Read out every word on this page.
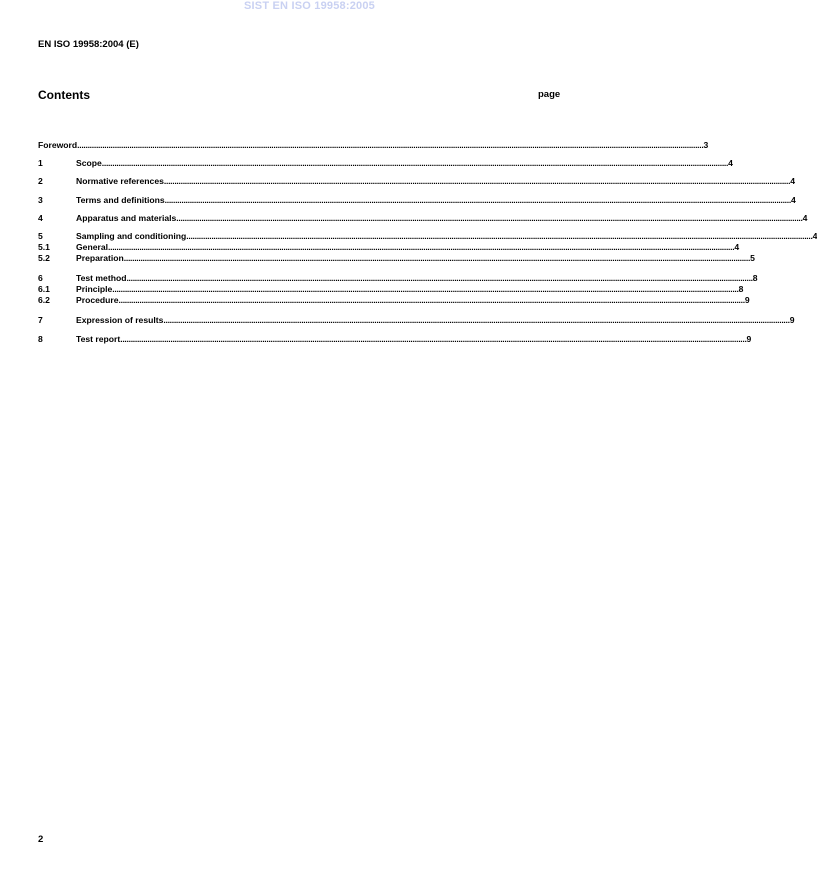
SIST EN ISO 19958:2005
EN ISO 19958:2004 (E)
Contents	page
Foreword ............................................................................................................................................................................................................................................................................................................ 3
1	Scope ............................................................................................................................................................................................................................................................................................................ 4
2	Normative references ............................................................................................................................................................................................................................................................................................................ 4
3	Terms and definitions ............................................................................................................................................................................................................................................................................................................ 4
4	Apparatus and materials ............................................................................................................................................................................................................................................................................................................ 4
5	Sampling and conditioning ............................................................................................................................................................................................................................................................................................................ 4
5.1	General ............................................................................................................................................................................................................................................................................................................ 4
5.2	Preparation ............................................................................................................................................................................................................................................................................................................ 5
6	Test method ............................................................................................................................................................................................................................................................................................................ 8
6.1	Principle ............................................................................................................................................................................................................................................................................................................ 8
6.2	Procedure ............................................................................................................................................................................................................................................................................................................ 9
7	Expression of results ............................................................................................................................................................................................................................................................................................................ 9
8	Test report ............................................................................................................................................................................................................................................................................................................ 9
2
